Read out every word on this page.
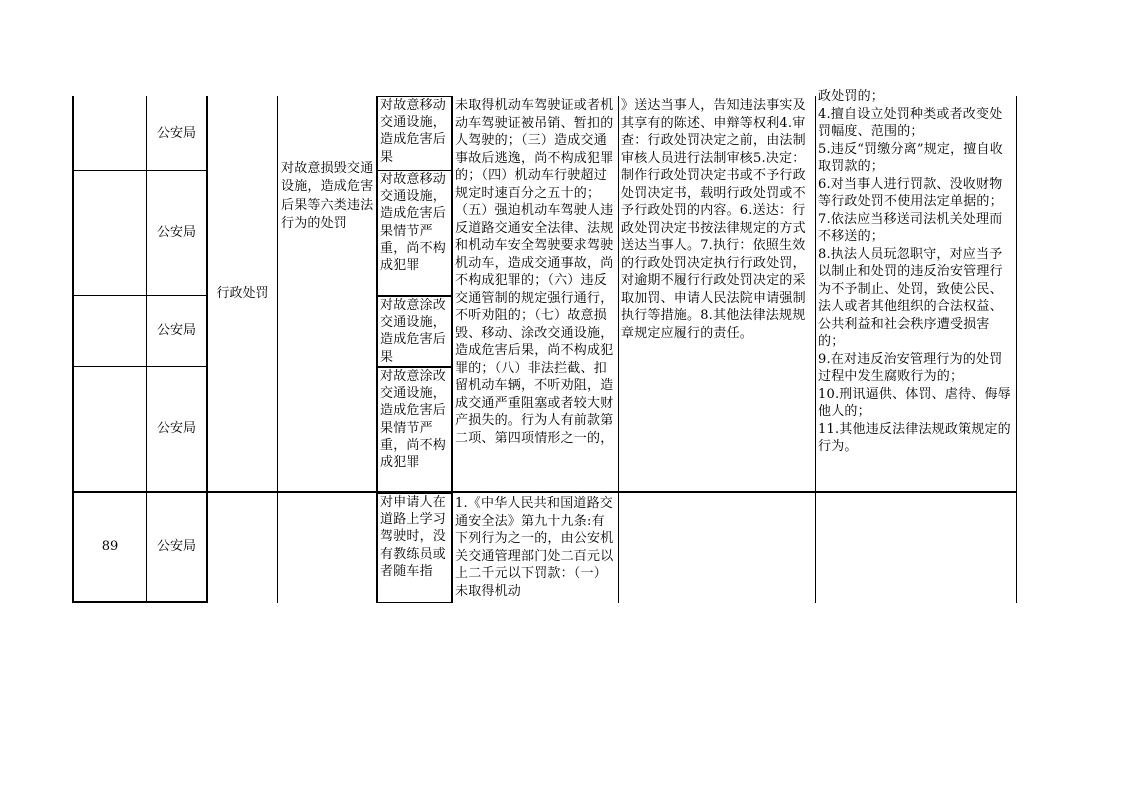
公安局
公安局
公安局
公安局
公安局
89
行政处罚
对故意损毁交通设施，造成危害后果等六类违法行为的处罚
对故意移动交通设施，造成危害后果
对故意移动交通设施，造成危害后果情节严重，尚不构成犯罪
对故意涂改交通设施，造成危害后果
对故意涂改交通设施，造成危害后果情节严重，尚不构成犯罪
对申请人在道路上学习驾驶时，没有教练员或者随车指
未取得机动车驾驶证或者机动车驾驶证被吊销、暂扣的人驾驶的；（三）造成交通事故后逃逸，尚不构成犯罪的；（四）机动车行驶超过规定时速百分之五十的；（五）强迫机动车驾驶人违反道路交通安全法律、法规和机动车安全驾驶要求驾驶机动车，造成交通事故，尚不构成犯罪的；（六）违反交通管制的规定强行通行，不听劝阻的；（七）故意损毁、移动、涂改交通设施，造成危害后果，尚不构成犯罪的；（八）非法拦截、扣留机动车辆，不听劝阻，造成交通严重阻塞或者较大财产损失的。行为人有前款第二项、第四项情形之一的，
1.《中华人民共和国道路交通安全法》第九十九条:有下列行为之一的，由公安机关交通管理部门处二百元以上二千元以下罚款：（一）未取得机动
》送达当事人，告知违法事实及其享有的陈述、申辩等权利4.审查：行政处罚决定之前，由法制审核人员进行法制审核5.决定：制作行政处罚决定书或不予行政处罚决定书，载明行政处罚或不予行政处罚的内容。6.送达：行政处罚决定书按法律规定的方式送达当事人。7.执行：依照生效的行政处罚决定执行行政处罚，对逾期不履行行政处罚决定的采取加罚、申请人民法院申请强制执行等措施。8.其他法律法规规章规定应履行的责任。
政处罚的；
4.擅自设立处罚种类或者改变处罚幅度、范围的；
5.违反“罚缴分离”规定，擅自收取罚款的；
6.对当事人进行罚款、没收财物等行政处罚不使用法定单据的；
7.依法应当移送司法机关处理而不移送的；
8.执法人员玩忽职守，对应当予以制止和处罚的违反治安管理行为不予制止、处罚，致使公民、法人或者其他组织的合法权益、公共利益和社会秩序遭受损害的；
9.在对违反治安管理行为的处罚过程中发生腐败行为的；
10.刑讯逼供、体罚、虐待、侮辱他人的；
11.其他违反法律法规政策规定的行为。
